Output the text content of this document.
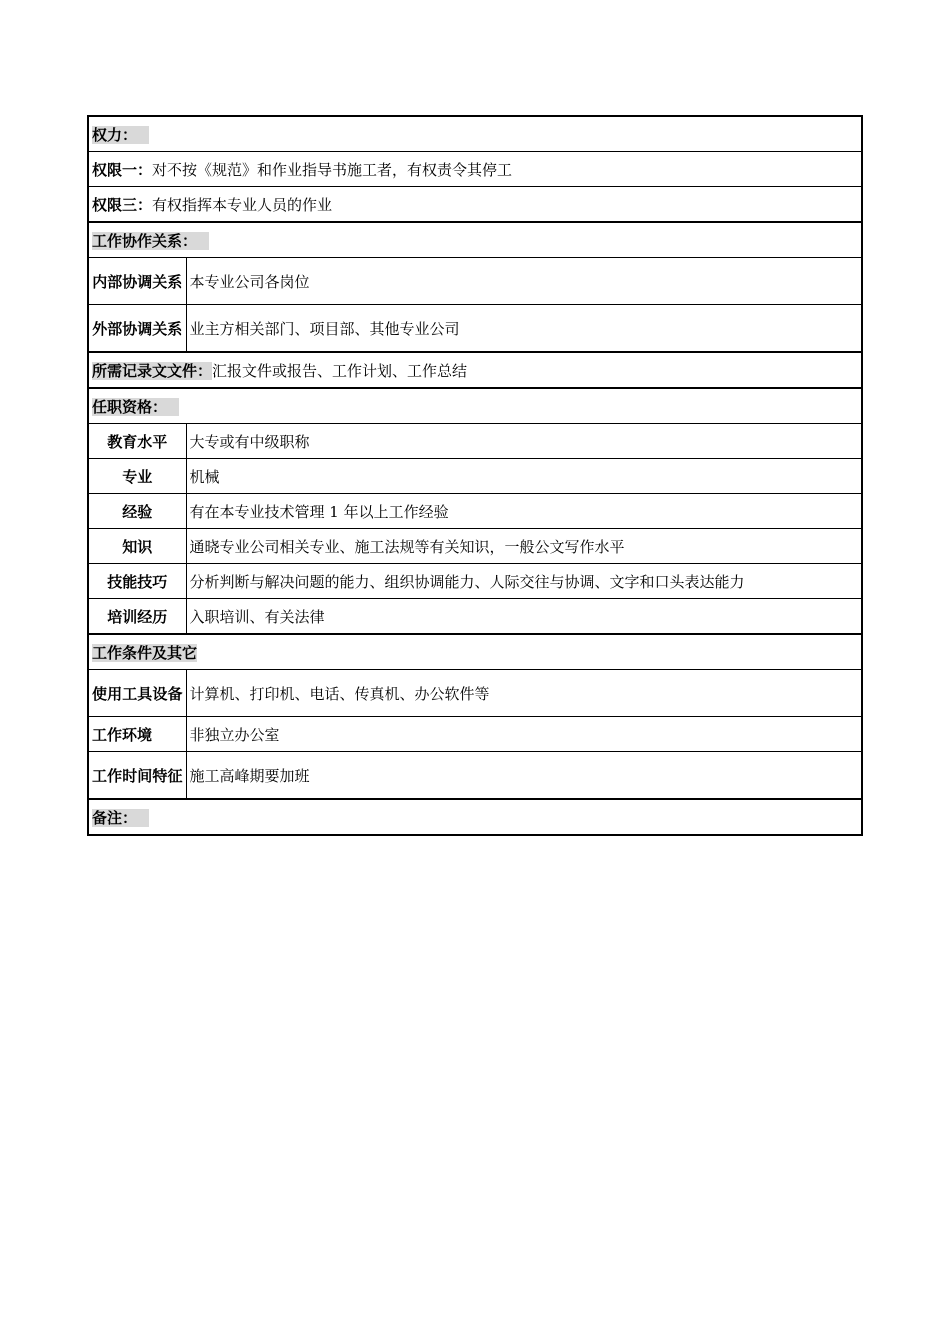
权力：	
权限一：对不按《规范》和作业指导书施工者，有权责令其停工	
权限三：有权指挥本专业人员的作业	
工作协作关系：	
内部协调关系	本专业公司各岗位
外部协调关系	业主方相关部门、项目部、其他专业公司
所需记录文文件：汇报文件或报告、工作计划、工作总结	
任职资格：	
教育水平	大专或有中级职称
专业	机械
经验	有在本专业技术管理 1 年以上工作经验
知识	通晓专业公司相关专业、施工法规等有关知识，一般公文写作水平
技能技巧	分析判断与解决问题的能力、组织协调能力、人际交往与协调、文字和口头表达能力
培训经历	入职培训、有关法律
工作条件及其它	
使用工具设备	计算机、打印机、电话、传真机、办公软件等
工作环境	非独立办公室
工作时间特征	施工高峰期要加班
备注：	
